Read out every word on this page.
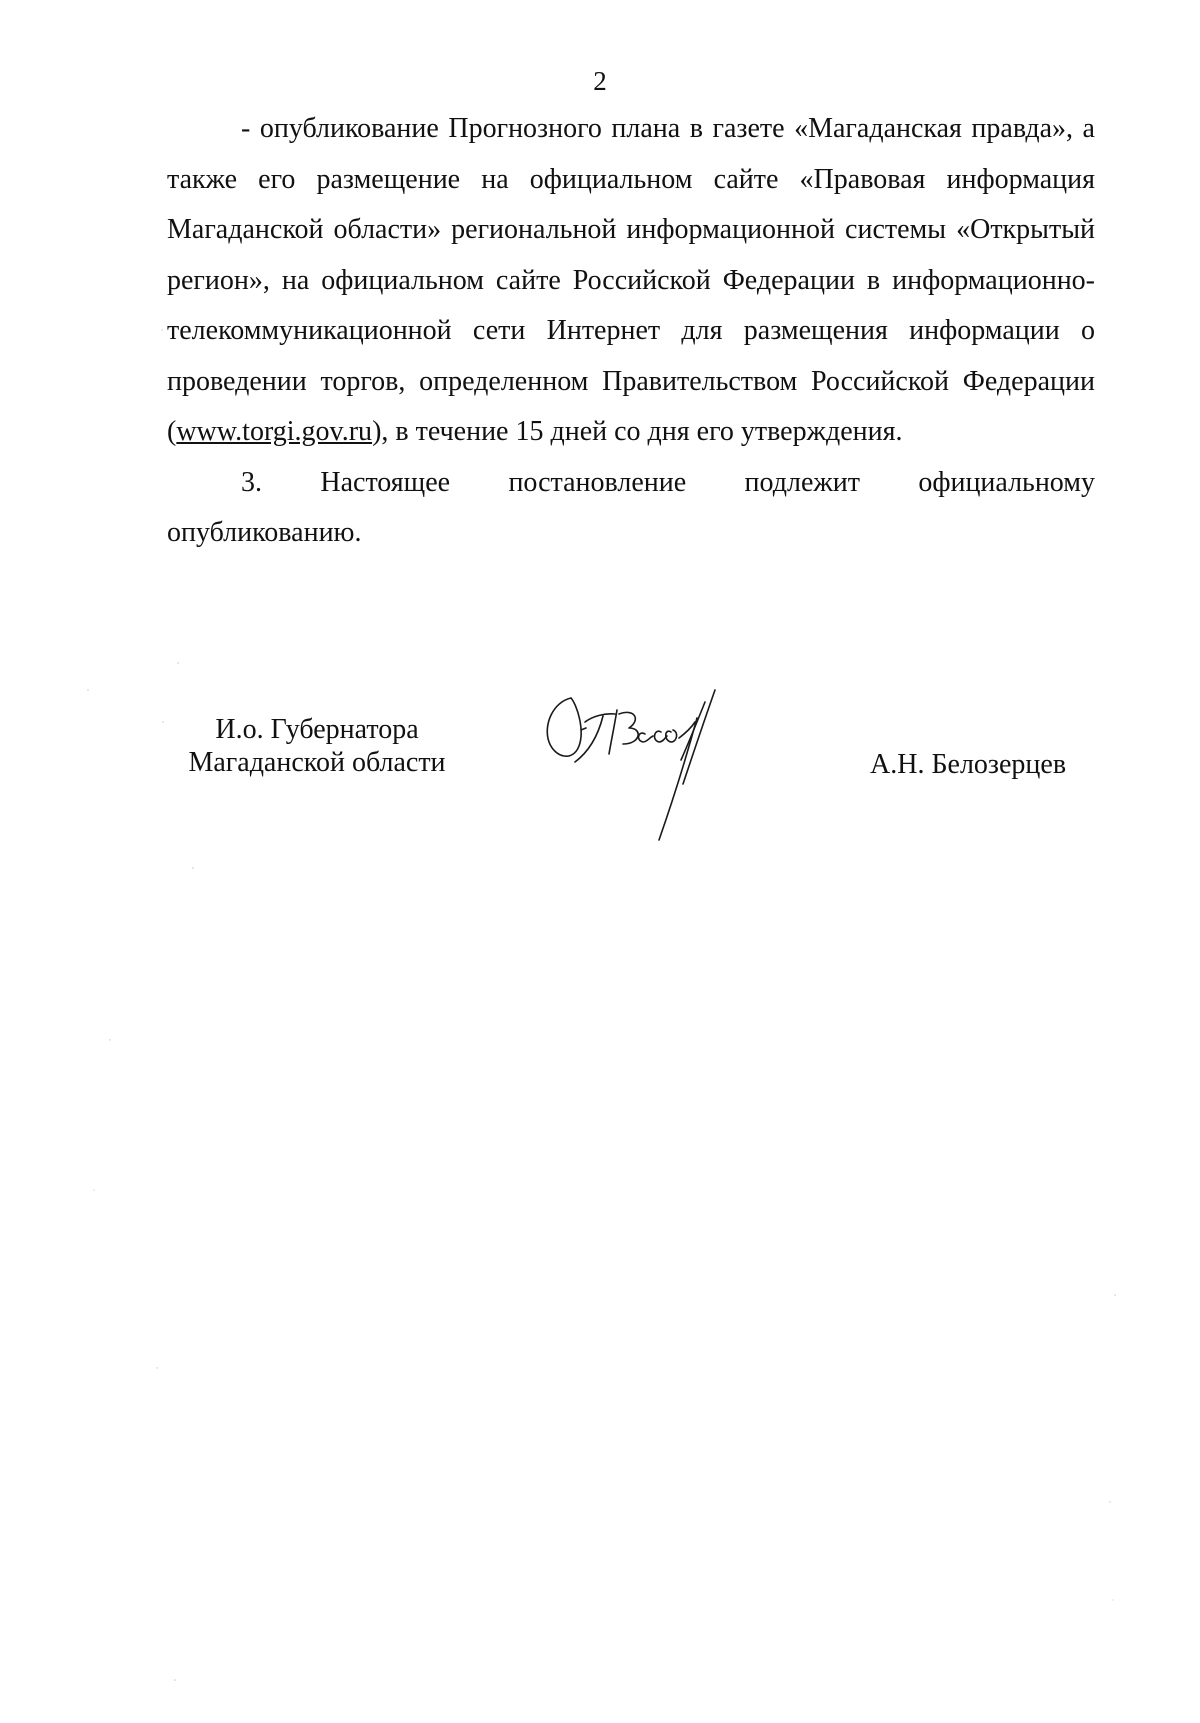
2

- опубликование Прогнозного плана в газете «Магаданская правда», а также его размещение на официальном сайте «Правовая информация Магаданской области» региональной информационной системы «Открытый регион», на официальном сайте Российской Федерации в информационно-телекоммуникационной сети Интернет для размещения информации о проведении торгов, определенном Правительством Российской Федерации (www.torgi.gov.ru), в течение 15 дней со дня его утверждения.

3. Настоящее постановление подлежит официальному

опубликованию.

И.о. Губернатора
Магаданской области	А.Н. Белозерцев
